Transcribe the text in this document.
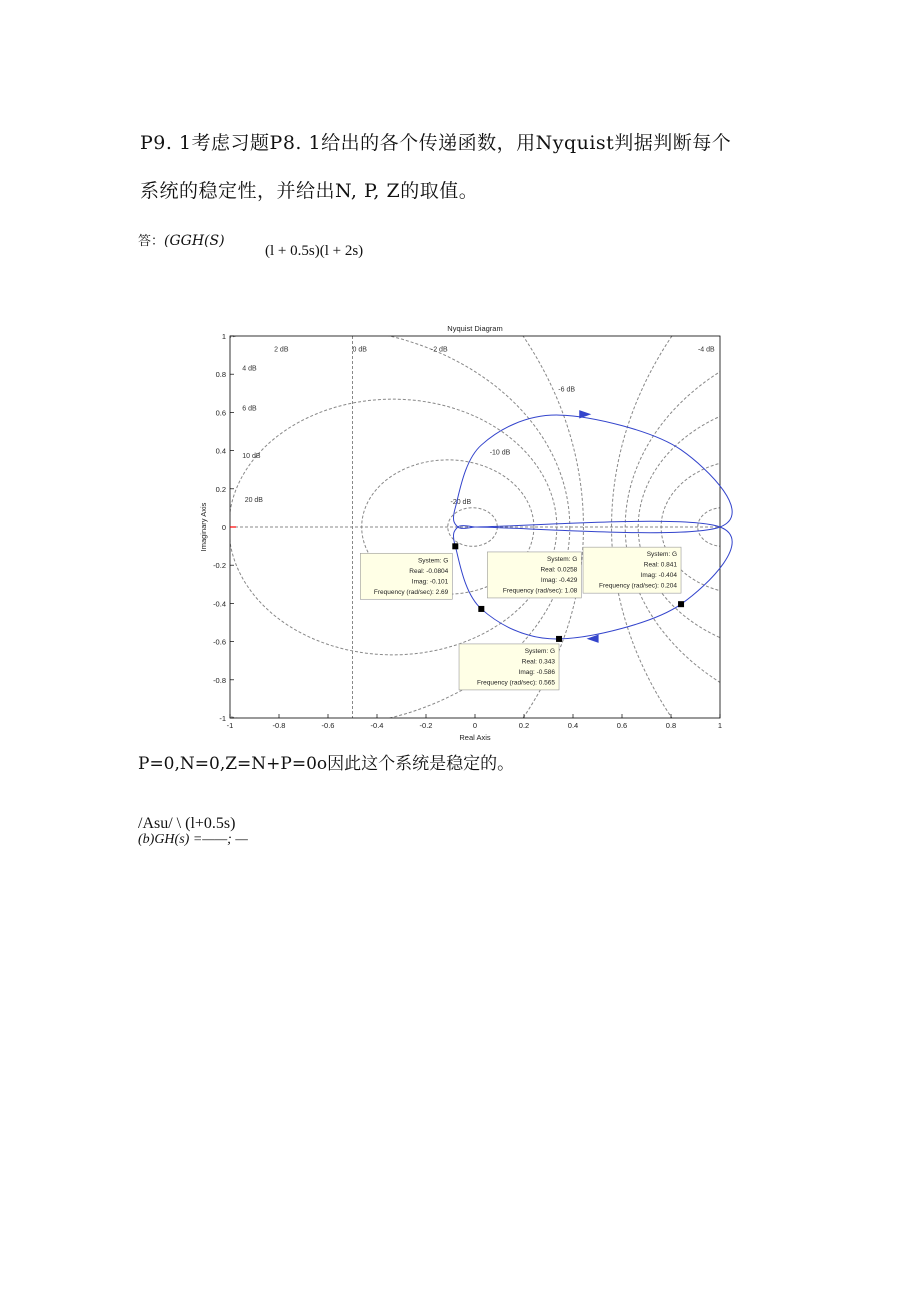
P9. 1考虑习题P8. 1给出的各个传递函数，用Nyquist判据判断每个
系统的稳定性，并给出N, P, Z的取值。
答：(GGH(S)
(l + 0.5s)(l + 2s)
2 dB	0 dB	-2 dB	-4 dB
4 dB
6 dB
-6 dB
10 dB
-10 dB
20 dB	-20 dB
-1	-0.8	-0.6	-0.4	-0.2	0	0.2	0.4	0.6	0.8	1
1
0.8
0.6
0.4
0.2
0
-0.2
-0.4
-0.6
-0.8
-1
Nyquist Diagram
Real Axis
Imaginary Axis
System: G
Real: -0.0804
Imag: -0.101
Frequency (rad/sec): 2.69
System: G
Real: 0.0258
Imag: -0.429
Frequency (rad/sec): 1.08
System: G
Real: 0.841
Imag: -0.404
Frequency (rad/sec): 0.204
System: G
Real: 0.343
Imag: -0.586
Frequency (rad/sec): 0.565
P=0,N=0,Z=N+P=0o因此这个系统是稳定的。
/Asu/ \ (l+0.5s)
(b)GH(s) =——; —
